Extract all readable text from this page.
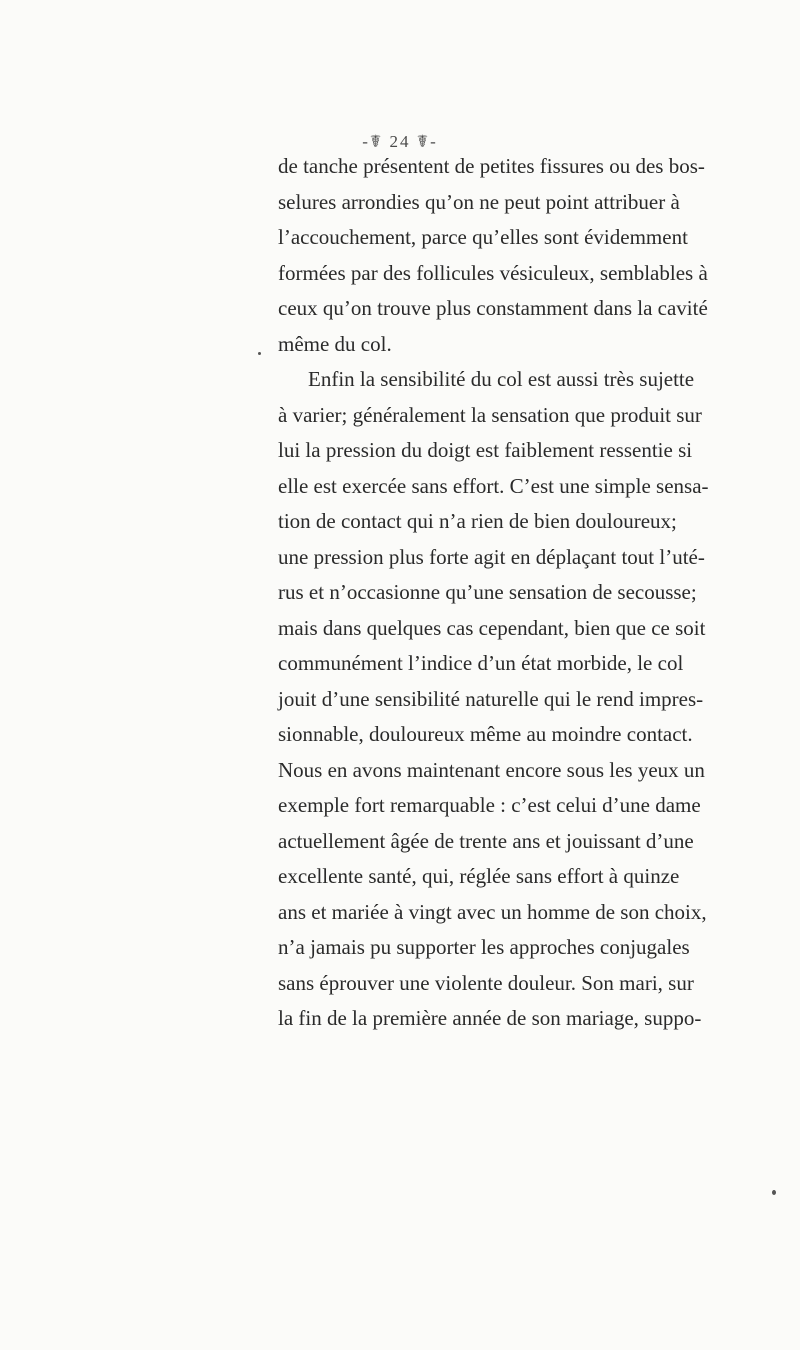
-☤ 24 ☤-
de tanche présentent de petites fissures ou des bos-
selures arrondies qu’on ne peut point attribuer à
l’accouchement, parce qu’elles sont évidemment
formées par des follicules vésiculeux, semblables à
ceux qu’on trouve plus constamment dans la cavité
même du col.
Enfin la sensibilité du col est aussi très sujette
à varier; généralement la sensation que produit sur
lui la pression du doigt est faiblement ressentie si
elle est exercée sans effort. C’est une simple sensa-
tion de contact qui n’a rien de bien douloureux;
une pression plus forte agit en déplaçant tout l’uté-
rus et n’occasionne qu’une sensation de secousse;
mais dans quelques cas cependant, bien que ce soit
communément l’indice d’un état morbide, le col
jouit d’une sensibilité naturelle qui le rend impres-
sionnable, douloureux même au moindre contact.
Nous en avons maintenant encore sous les yeux un
exemple fort remarquable : c’est celui d’une dame
actuellement âgée de trente ans et jouissant d’une
excellente santé, qui, réglée sans effort à quinze
ans et mariée à vingt avec un homme de son choix,
n’a jamais pu supporter les approches conjugales
sans éprouver une violente douleur. Son mari, sur
la fin de la première année de son mariage, suppo-
